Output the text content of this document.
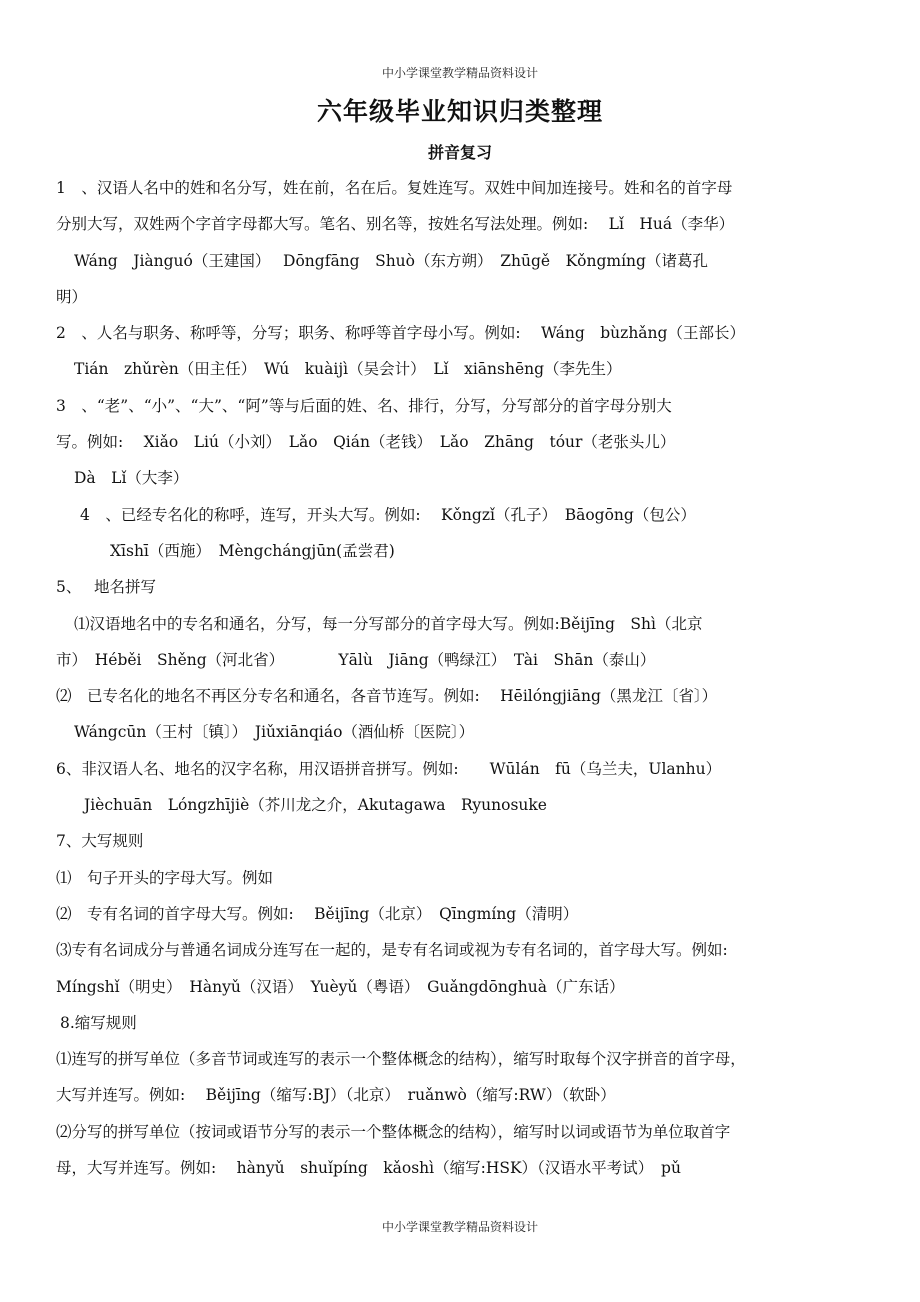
中小学课堂教学精品资料设计
六年级毕业知识归类整理
拼音复习
1　、汉语人名中的姓和名分写，姓在前，名在后。复姓连写。双姓中间加连接号。姓和名的首字母
分别大写，双姓两个字首字母都大写。笔名、别名等，按姓名写法处理。例如:　 Lǐ　Huá（李华）
Wáng　Jiànguó（王建国）　 Dōngfāng　Shuò（东方朔）　Zhūgě　Kǒngmíng（诸葛孔
明）
2　、人名与职务、称呼等，分写；职务、称呼等首字母小写。例如:　 Wáng　bùzhǎng（王部长）
Tián　zhǔrèn（田主任）　Wú　kuàijì（吴会计）　Lǐ　xiānshēng（李先生）
3　、“老”、“小”、“大”、“阿”等与后面的姓、名、排行，分写，分写部分的首字母分别大
写。例如:　 Xiǎo　Liú（小刘）　Lǎo　Qián（老钱）　Lǎo　Zhāng　tóur（老张头儿）
Dà　Lǐ（大李）
4　、已经专名化的称呼，连写，开头大写。例如:　 Kǒngzǐ（孔子）　Bāogōng（包公）
Xīshī（西施）　Mèngchángjūn(孟尝君)
5、　 地名拼写
⑴汉语地名中的专名和通名，分写，每一分写部分的首字母大写。例如:Běijīng　Shì（北京
市）　Héběi　Shěng（河北省）　　　　Yālù　Jiāng（鸭绿江）　Tài　Shān（泰山）
⑵　已专名化的地名不再区分专名和通名，各音节连写。例如:　 Hēilóngjiāng（黑龙江〔省〕）
Wángcūn（王村〔镇〕）　Jiǔxiānqiáo（酒仙桥〔医院〕）
6、非汉语人名、地名的汉字名称，用汉语拼音拼写。例如:　　Wūlán　fū（乌兰夫，Ulanhu）
Jièchuān　Lóngzhījiè（芥川龙之介，Akutagawa　Ryunosuke
7、大写规则
⑴　句子开头的字母大写。例如
⑵　专有名词的首字母大写。例如:　 Běijīng（北京）　Qīngmíng（清明）
⑶专有名词成分与普通名词成分连写在一起的，是专有名词或视为专有名词的，首字母大写。例如:
Míngshǐ（明史）　Hànyǔ（汉语）　Yuèyǔ（粤语）　Guǎngdōnghuà（广东话）
8.缩写规则
⑴连写的拼写单位（多音节词或连写的表示一个整体概念的结构），缩写时取每个汉字拼音的首字母，
大写并连写。例如:　 Běijīng（缩写:BJ）（北京）　ruǎnwò（缩写:RW）（软卧）
⑵分写的拼写单位（按词或语节分写的表示一个整体概念的结构），缩写时以词或语节为单位取首字
母，大写并连写。例如:　 hànyǔ　shuǐpíng　kǎoshì（缩写:HSK）（汉语水平考试）　pǔ
中小学课堂教学精品资料设计
